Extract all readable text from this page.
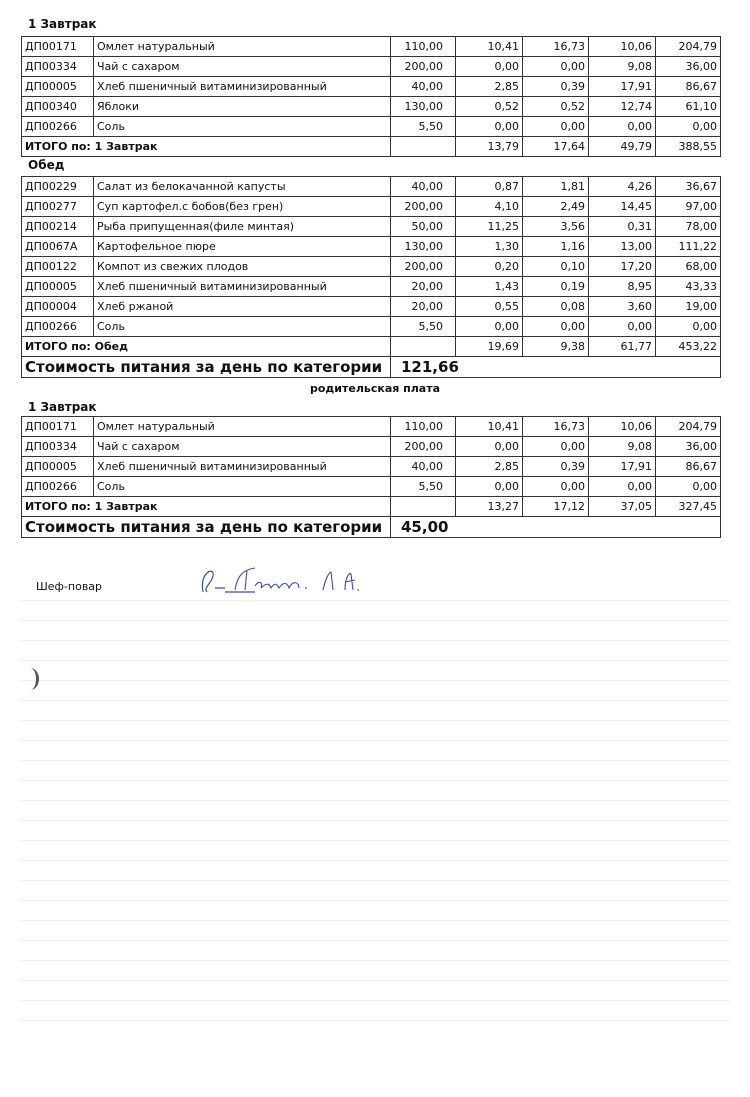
1 Завтрак
ДП00171	Омлет натуральный	110,00	10,41	16,73	10,06	204,79
ДП00334	Чай с сахаром	200,00	0,00	0,00	9,08	36,00
ДП00005	Хлеб пшеничный витаминизированный	40,00	2,85	0,39	17,91	86,67
ДП00340	Яблоки	130,00	0,52	0,52	12,74	61,10
ДП00266	Соль	5,50	0,00	0,00	0,00	0,00
ИТОГО по: 1 Завтрак			13,79	17,64	49,79	388,55
Обед
ДП00229	Салат из белокачанной капусты	40,00	0,87	1,81	4,26	36,67
ДП00277	Суп картофел.с бобов(без грен)	200,00	4,10	2,49	14,45	97,00
ДП00214	Рыба припущенная(филе минтая)	50,00	11,25	3,56	0,31	78,00
ДП0067А	Картофельное пюре	130,00	1,30	1,16	13,00	111,22
ДП00122	Компот из свежих плодов	200,00	0,20	0,10	17,20	68,00
ДП00005	Хлеб пшеничный витаминизированный	20,00	1,43	0,19	8,95	43,33
ДП00004	Хлеб ржаной	20,00	0,55	0,08	3,60	19,00
ДП00266	Соль	5,50	0,00	0,00	0,00	0,00
ИТОГО по: Обед			19,69	9,38	61,77	453,22
Стоимость питания за день по категории		121,66				
родительская плата
1 Завтрак
ДП00171	Омлет натуральный	110,00	10,41	16,73	10,06	204,79
ДП00334	Чай с сахаром	200,00	0,00	0,00	9,08	36,00
ДП00005	Хлеб пшеничный витаминизированный	40,00	2,85	0,39	17,91	86,67
ДП00266	Соль	5,50	0,00	0,00	0,00	0,00
ИТОГО по: 1 Завтрак			13,27	17,12	37,05	327,45
Стоимость питания за день по категории		45,00				
Шеф-повар
